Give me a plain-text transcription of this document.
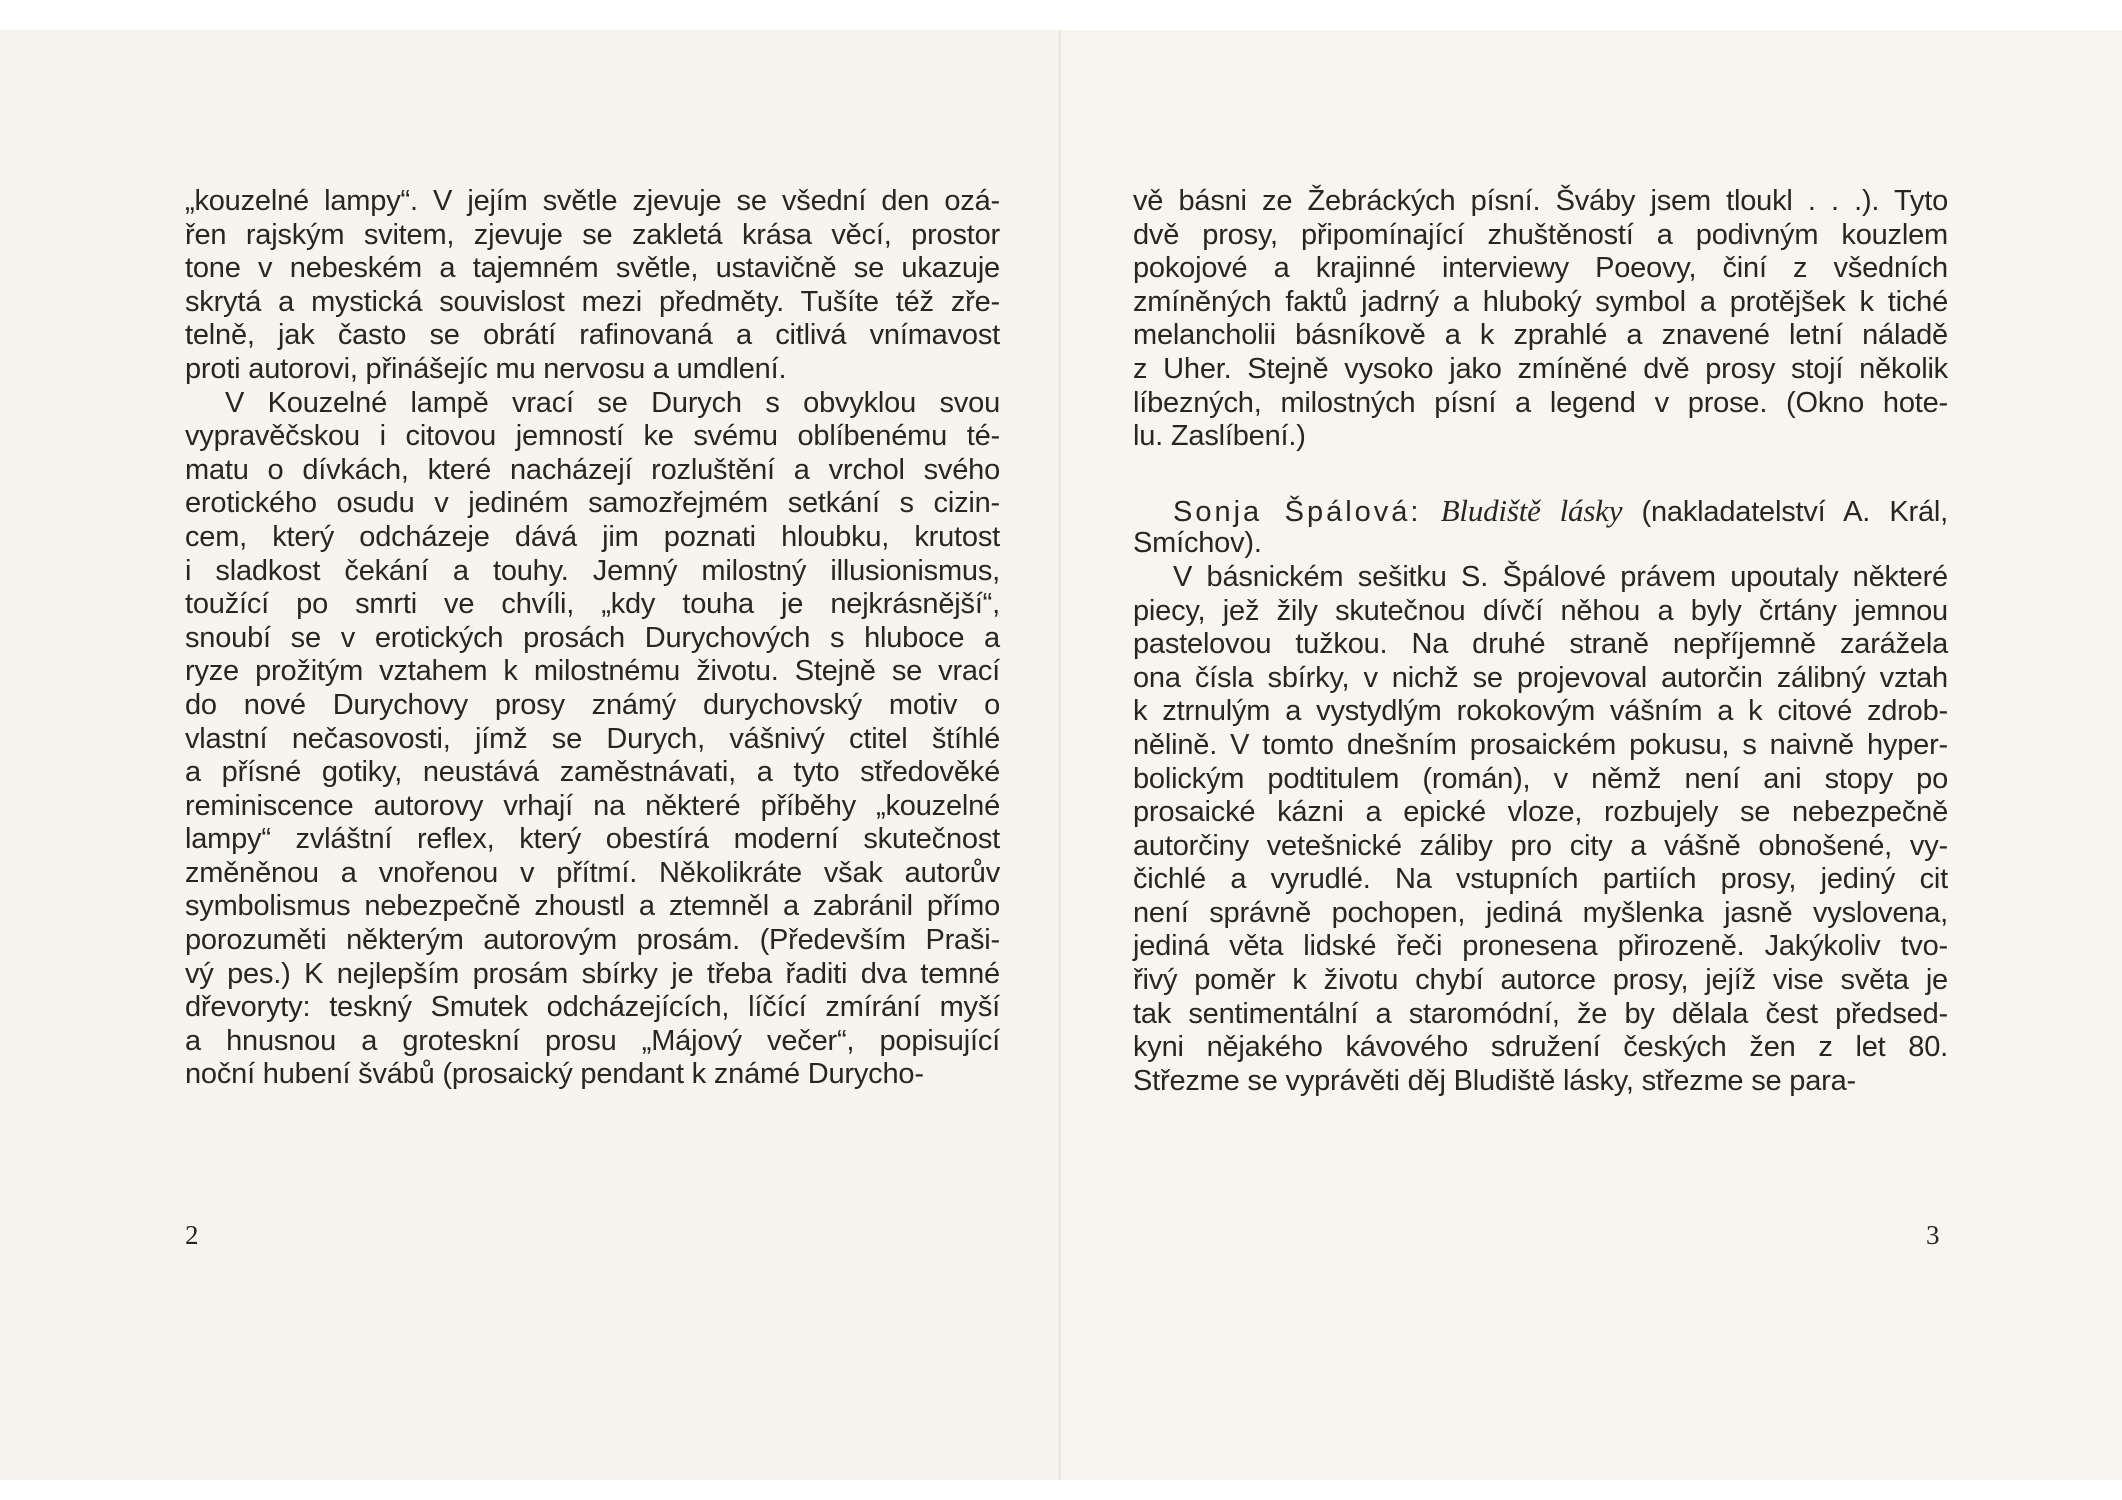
„kouzelné lampy“. V jejím světle zjevuje se všední den ozá-
řen rajským svitem, zjevuje se zakletá krása věcí, prostor
tone v nebeském a tajemném světle, ustavičně se ukazuje
skrytá a mystická souvislost mezi předměty. Tušíte též zře-
telně, jak často se obrátí rafinovaná a citlivá vnímavost
proti autorovi, přinášejíc mu nervosu a umdlení.
V Kouzelné lampě vrací se Durych s obvyklou svou
vypravěčskou i citovou jemností ke svému oblíbenému té-
matu o dívkách, které nacházejí rozluštění a vrchol svého
erotického osudu v jediném samozřejmém setkání s cizin-
cem, který odcházeje dává jim poznati hloubku, krutost
i sladkost čekání a touhy. Jemný milostný illusionismus,
toužící po smrti ve chvíli, „kdy touha je nejkrásnější“,
snoubí se v erotických prosách Durychových s hluboce a
ryze prožitým vztahem k milostnému životu. Stejně se vrací
do nové Durychovy prosy známý durychovský motiv o
vlastní nečasovosti, jímž se Durych, vášnivý ctitel štíhlé
a přísné gotiky, neustává zaměstnávati, a tyto středověké
reminiscence autorovy vrhají na některé příběhy „kouzelné
lampy“ zvláštní reflex, který obestírá moderní skutečnost
změněnou a vnořenou v přítmí. Několikráte však autorův
symbolismus nebezpečně zhoustl a ztemněl a zabránil přímo
porozuměti některým autorovým prosám. (Především Praši-
vý pes.) K nejlepším prosám sbírky je třeba řaditi dva temné
dřevoryty: teskný Smutek odcházejících, líčící zmírání myší
a hnusnou a groteskní prosu „Májový večer“, popisující
noční hubení švábů (prosaický pendant k známé Durycho-
2
vě básni ze Žebráckých písní. Šváby jsem tloukl . . .). Tyto
dvě prosy, připomínající zhuštěností a podivným kouzlem
pokojové a krajinné interviewy Poeovy, činí z všedních
zmíněných faktů jadrný a hluboký symbol a protějšek k tiché
melancholii básníkově a k zprahlé a znavené letní náladě
z Uher. Stejně vysoko jako zmíněné dvě prosy stojí několik
líbezných, milostných písní a legend v prose. (Okno hote-
lu. Zaslíbení.)
Sonja Špálová: Bludiště lásky (nakladatelství A. Král,
Smíchov).
V básnickém sešitku S. Špálové právem upoutaly některé
piecy, jež žily skutečnou dívčí něhou a byly črtány jemnou
pastelovou tužkou. Na druhé straně nepříjemně zarážela
ona čísla sbírky, v nichž se projevoval autorčin zálibný vztah
k ztrnulým a vystydlým rokokovým vášním a k citové zdrob-
nělině. V tomto dnešním prosaickém pokusu, s naivně hyper-
bolickým podtitulem (román), v němž není ani stopy po
prosaické kázni a epické vloze, rozbujely se nebezpečně
autorčiny vetešnické záliby pro city a vášně obnošené, vy-
čichlé a vyrudlé. Na vstupních partiích prosy, jediný cit
není správně pochopen, jediná myšlenka jasně vyslovena,
jediná věta lidské řeči pronesena přirozeně. Jakýkoliv tvo-
řivý poměr k životu chybí autorce prosy, jejíž vise světa je
tak sentimentální a staromódní, že by dělala čest předsed-
kyni nějakého kávového sdružení českých žen z let 80.
Střezme se vyprávěti děj Bludiště lásky, střezme se para-
3
